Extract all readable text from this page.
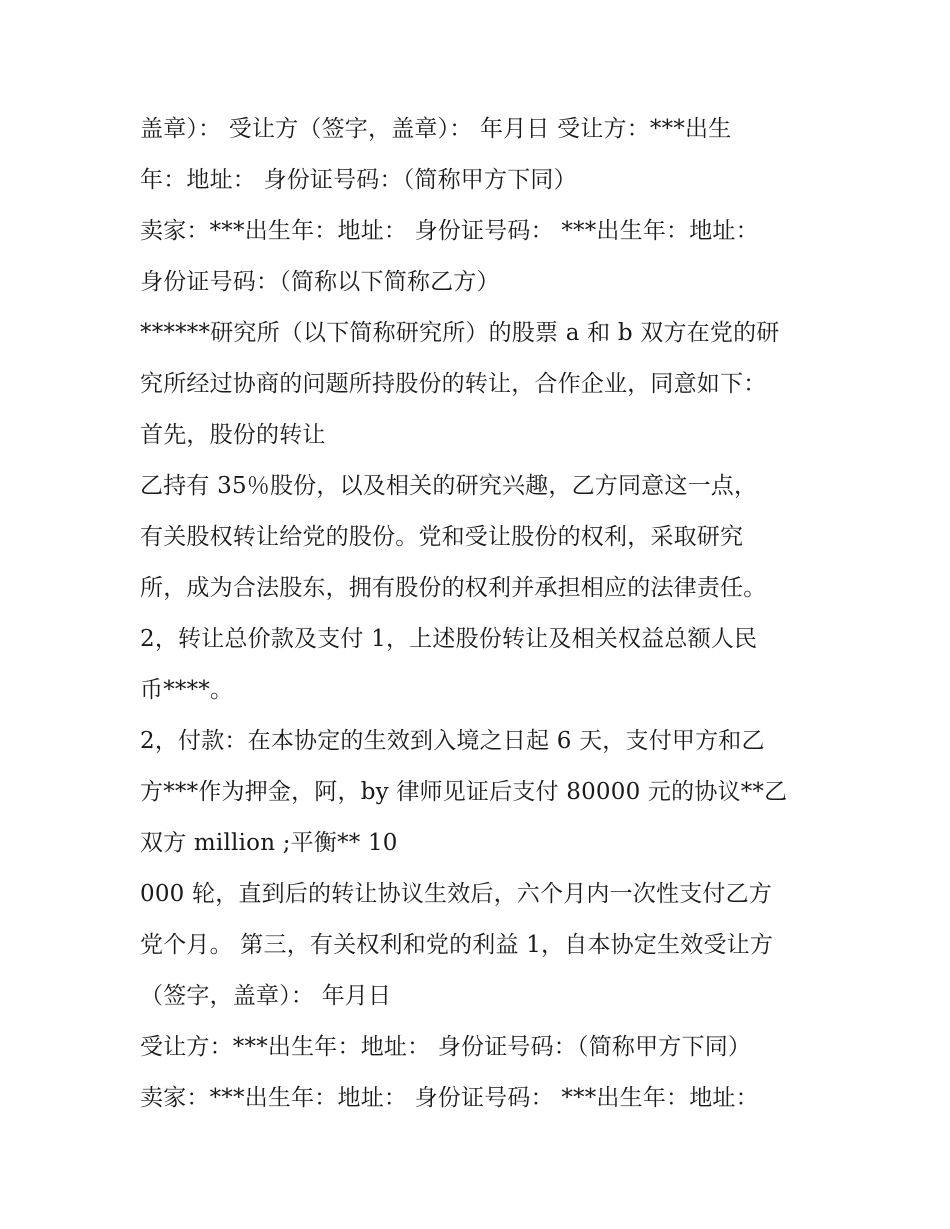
盖章）： 受让方（签字，盖章）： 年月日 受让方：***出生
年：地址： 身份证号码：（简称甲方下同）
卖家：***出生年：地址： 身份证号码： ***出生年：地址：
身份证号码：（简称以下简称乙方）
******研究所（以下简称研究所）的股票 a 和 b 双方在党的研
究所经过协商的问题所持股份的转让，合作企业，同意如下：
首先，股份的转让
乙持有 35％股份，以及相关的研究兴趣，乙方同意这一点，
有关股权转让给党的股份。党和受让股份的权利，采取研究
所，成为合法股东，拥有股份的权利并承担相应的法律责任。
2，转让总价款及支付 1，上述股份转让及相关权益总额人民
币****。
2，付款：在本协定的生效到入境之日起 6 天，支付甲方和乙
方***作为押金，阿，by 律师见证后支付 80000 元的协议**乙
双方 million ;平衡** 10
000 轮，直到后的转让协议生效后，六个月内一次性支付乙方
党个月。 第三，有关权利和党的利益 1，自本协定生效受让方
（签字，盖章）： 年月日
受让方：***出生年：地址： 身份证号码：（简称甲方下同）
卖家：***出生年：地址： 身份证号码： ***出生年：地址：
